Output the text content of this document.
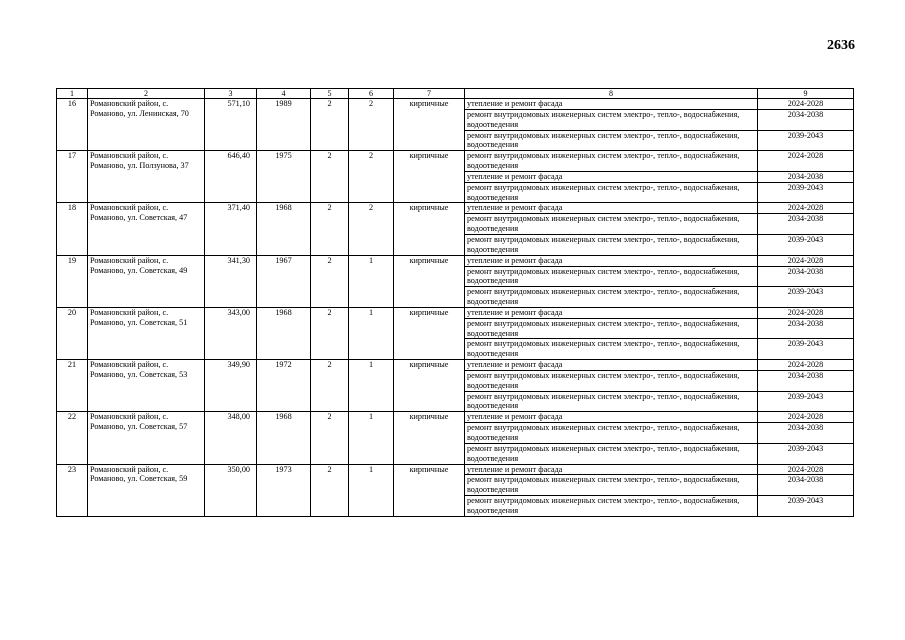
2636
1	2	3	4	5	6	7	8	9
16	Романовский район, с. Романово, ул. Ленинская, 70	571,10	1989	2	2	кирпичные	утепление и ремонт фасада	2024-2028
							ремонт внутридомовых инженерных систем электро-, тепло-, водоснабжения, водоотведения	2034-2038
							ремонт внутридомовых инженерных систем электро-, тепло-, водоснабжения, водоотведения	2039-2043
17	Романовский район, с. Романово, ул. Ползунова, 37	646,40	1975	2	2	кирпичные	ремонт внутридомовых инженерных систем электро-, тепло-, водоснабжения, водоотведения	2024-2028
							утепление и ремонт фасада	2034-2038
							ремонт внутридомовых инженерных систем электро-, тепло-, водоснабжения, водоотведения	2039-2043
18	Романовский район, с. Романово, ул. Советская, 47	371,40	1968	2	2	кирпичные	утепление и ремонт фасада	2024-2028
							ремонт внутридомовых инженерных систем электро-, тепло-, водоснабжения, водоотведения	2034-2038
							ремонт внутридомовых инженерных систем электро-, тепло-, водоснабжения, водоотведения	2039-2043
19	Романовский район, с. Романово, ул. Советская, 49	341,30	1967	2	1	кирпичные	утепление и ремонт фасада	2024-2028
							ремонт внутридомовых инженерных систем электро-, тепло-, водоснабжения, водоотведения	2034-2038
							ремонт внутридомовых инженерных систем электро-, тепло-, водоснабжения, водоотведения	2039-2043
20	Романовский район, с. Романово, ул. Советская, 51	343,00	1968	2	1	кирпичные	утепление и ремонт фасада	2024-2028
							ремонт внутридомовых инженерных систем электро-, тепло-, водоснабжения, водоотведения	2034-2038
							ремонт внутридомовых инженерных систем электро-, тепло-, водоснабжения, водоотведения	2039-2043
21	Романовский район, с. Романово, ул. Советская, 53	349,90	1972	2	1	кирпичные	утепление и ремонт фасада	2024-2028
							ремонт внутридомовых инженерных систем электро-, тепло-, водоснабжения, водоотведения	2034-2038
							ремонт внутридомовых инженерных систем электро-, тепло-, водоснабжения, водоотведения	2039-2043
22	Романовский район, с. Романово, ул. Советская, 57	348,00	1968	2	1	кирпичные	утепление и ремонт фасада	2024-2028
							ремонт внутридомовых инженерных систем электро-, тепло-, водоснабжения, водоотведения	2034-2038
							ремонт внутридомовых инженерных систем электро-, тепло-, водоснабжения, водоотведения	2039-2043
23	Романовский район, с. Романово, ул. Советская, 59	350,00	1973	2	1	кирпичные	утепление и ремонт фасада	2024-2028
							ремонт внутридомовых инженерных систем электро-, тепло-, водоснабжения, водоотведения	2034-2038
							ремонт внутридомовых инженерных систем электро-, тепло-, водоснабжения, водоотведения	2039-2043
